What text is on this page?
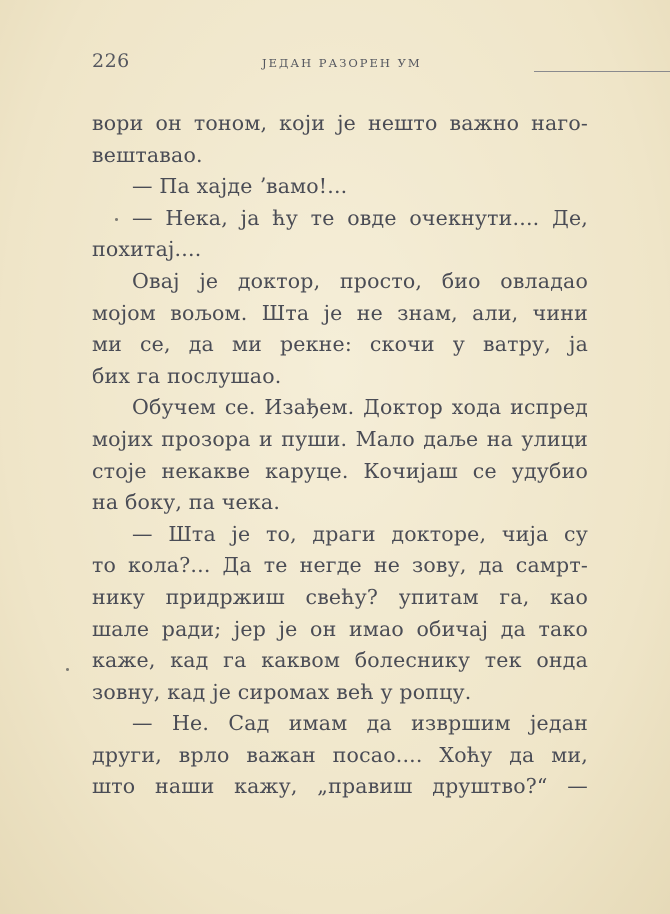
226	ЈЕДАН РАЗОРЕН УМ
вори он тоном, који је нешто важно наго-
вештавао.
— Па хајде ʼвамо!...
— Нека, ја ћу те овде очекнути.... Де,
похитај....
Овај је доктор, просто, био овладао
мојом вољом. Шта је не знам, али, чини
ми се, да ми рекне: скочи у ватру, ја
бих га послушао.
Обучем се. Изађем. Доктор хода испред
мојих прозора и пуши. Мало даље на улици
стоје некакве каруце. Кочијаш се удубио
на боку, па чека.
— Шта је то, драги докторе, чија су
то кола?... Да те негде не зову, да самрт-
нику придржиш свећу? упитам га, као
шале ради; јер је он имао обичај да тако
каже, кад га каквом болеснику тек онда
зовну, кад је сиромах већ у ропцу.
— Не. Сад имам да извршим један
други, врло важан посао.... Хоћу да ми,
што наши кажу, „правиш друштво?“ —
